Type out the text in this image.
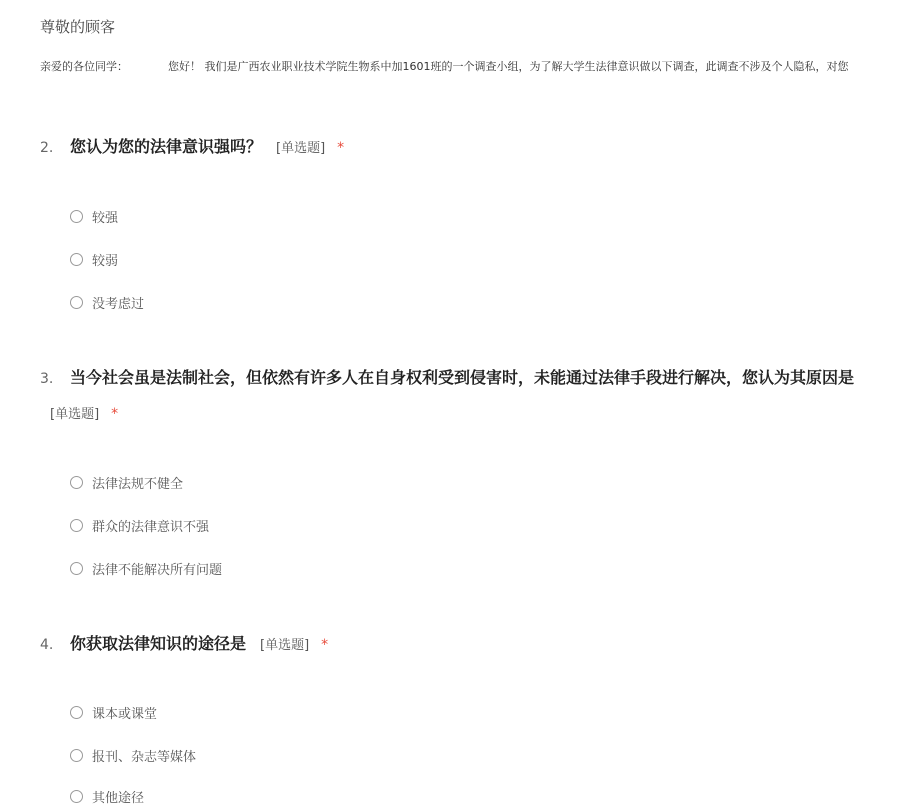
尊敬的顾客
亲爱的各位同学：	您好！ 我们是广西农业职业技术学院生物系中加1601班的一个调查小组，为了解大学生法律意识做以下调查，此调查不涉及个人隐私，对您
2. 您认为您的法律意识强吗？ [单选题] *
较强
较弱
没考虑过
3. 当今社会虽是法制社会，但依然有许多人在自身权利受到侵害时，未能通过法律手段进行解决，您认为其原因是
[单选题] *
法律法规不健全
群众的法律意识不强
法律不能解决所有问题
4. 你获取法律知识的途径是 [单选题] *
课本或课堂
报刊、杂志等媒体
其他途径
